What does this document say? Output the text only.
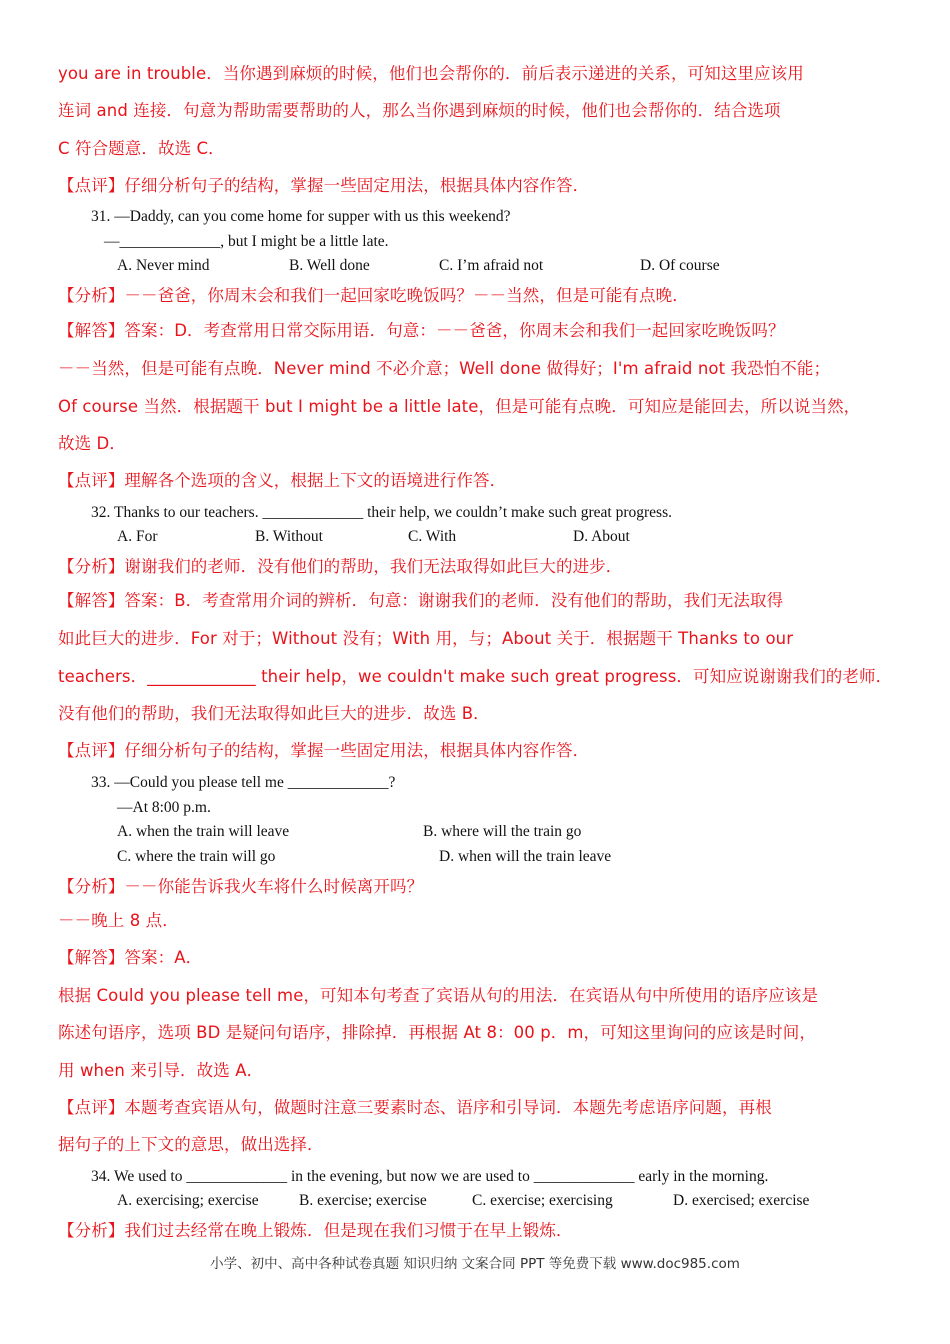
you are in trouble．当你遇到麻烦的时候，他们也会帮你的．前后表示递进的关系，可知这里应该用
连词 and 连接．句意为帮助需要帮助的人，那么当你遇到麻烦的时候，他们也会帮你的．结合选项
C 符合题意．故选 C．
【点评】仔细分析句子的结构，掌握一些固定用法，根据具体内容作答．
31. —Daddy, can you come home for supper with us this weekend?
—_____________, but I might be a little late.
A. Never mind	B. Well done	C. I’m afraid not	D. Of course
【分析】－－爸爸，你周末会和我们一起回家吃晚饭吗？－－当然，但是可能有点晚．
【解答】答案：D．考查常用日常交际用语．句意：－－爸爸，你周末会和我们一起回家吃晚饭吗？
－－当然，但是可能有点晚．Never mind 不必介意；Well done 做得好；I'm afraid not 我恐怕不能；
Of course 当然．根据题干 but I might be a little late，但是可能有点晚．可知应是能回去，所以说当然，
故选 D．
【点评】理解各个选项的含义，根据上下文的语境进行作答．
32. Thanks to our teachers. _____________ their help, we couldn’t make such great progress.
A. For	B. Without	C. With	D. About
【分析】谢谢我们的老师．没有他们的帮助，我们无法取得如此巨大的进步．
【解答】答案：B．考查常用介词的辨析．句意：谢谢我们的老师．没有他们的帮助，我们无法取得
如此巨大的进步．For 对于；Without 没有；With 用，与；About 关于．根据题干 Thanks to our
teachers．_____________ their help，we couldn't make such great progress．可知应说谢谢我们的老师．
没有他们的帮助，我们无法取得如此巨大的进步．故选 B．
【点评】仔细分析句子的结构，掌握一些固定用法，根据具体内容作答．
33. —Could you please tell me _____________?
—At 8:00 p.m.
A. when the train will leave	B. where will the train go
C. where the train will go	D. when will the train leave
【分析】－－你能告诉我火车将什么时候离开吗？
－－晚上 8 点．
【解答】答案：A．
根据 Could you please tell me，可知本句考查了宾语从句的用法．在宾语从句中所使用的语序应该是
陈述句语序，选项 BD 是疑问句语序，排除掉．再根据 At 8：00 p．m，可知这里询问的应该是时间，
用 when 来引导．故选 A．
【点评】本题考查宾语从句，做题时注意三要素时态、语序和引导词．本题先考虑语序问题，再根
据句子的上下文的意思，做出选择．
34. We used to _____________ in the evening, but now we are used to _____________ early in the morning.
A. exercising; exercise	B. exercise; exercise	C. exercise; exercising	D. exercised; exercise
【分析】我们过去经常在晚上锻炼．但是现在我们习惯于在早上锻炼．
小学、初中、高中各种试卷真题 知识归纳 文案合同 PPT 等免费下载 www.doc985.com
